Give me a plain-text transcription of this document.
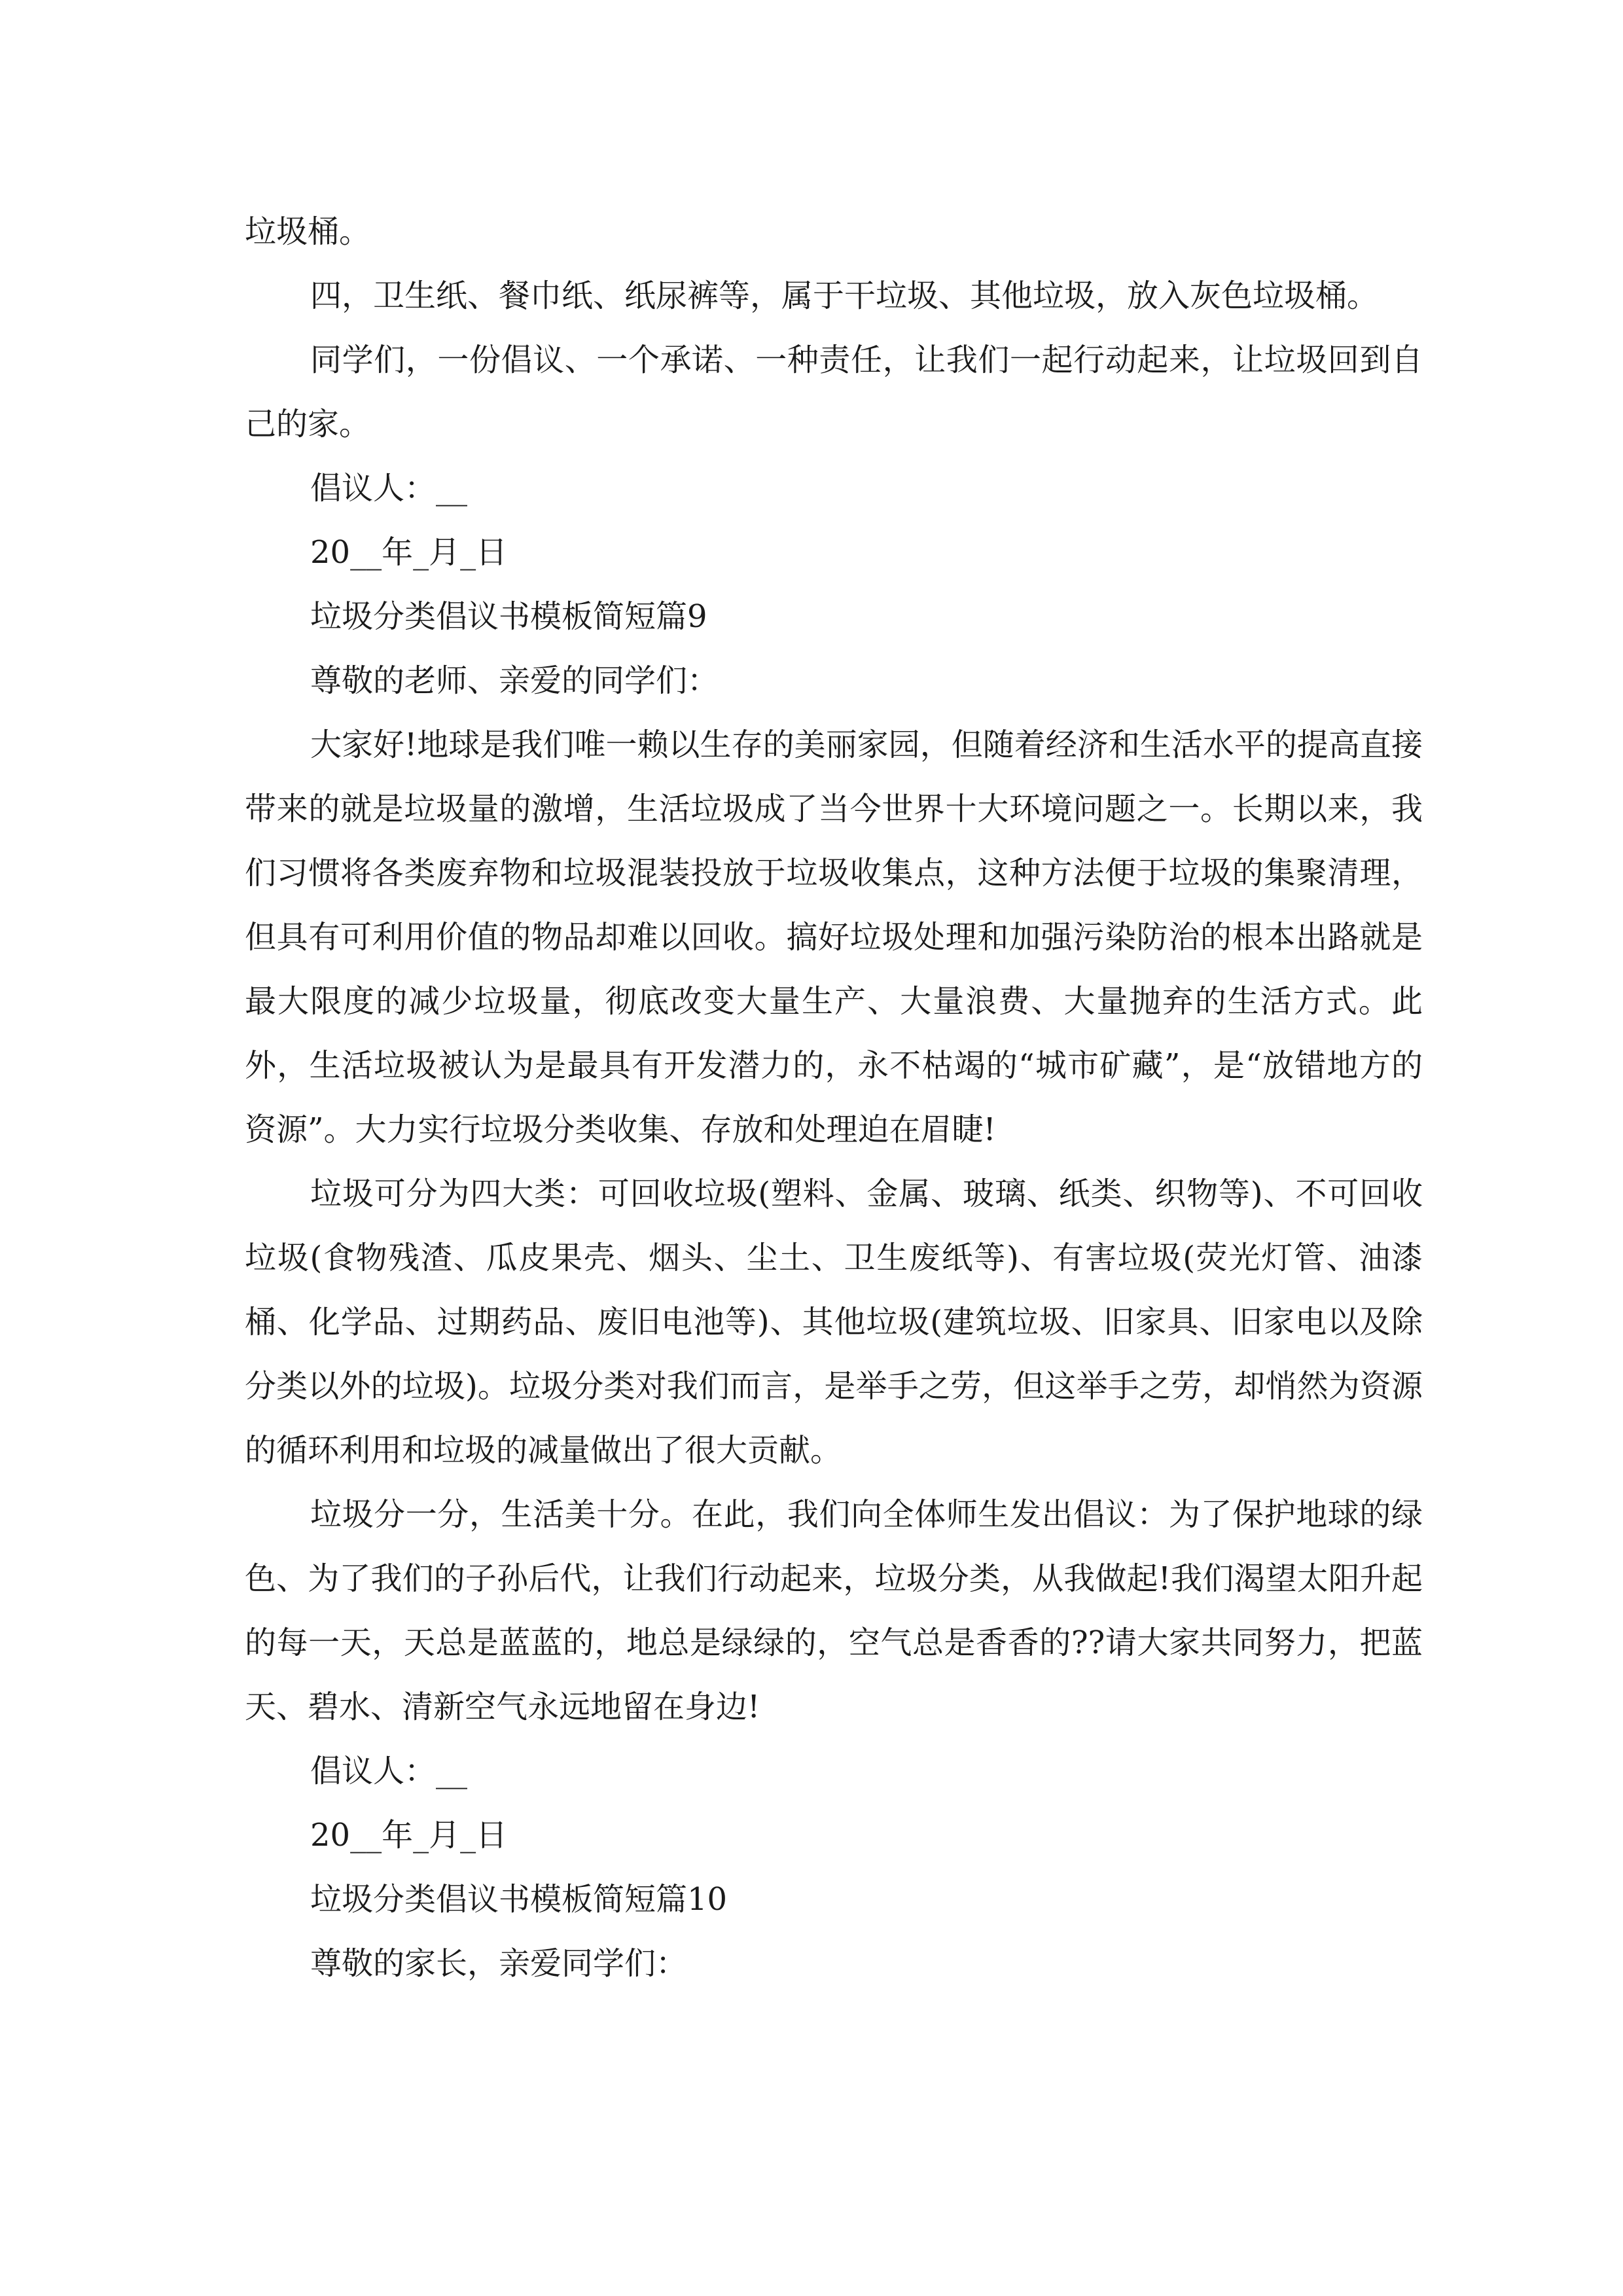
垃圾桶。

四，卫生纸、餐巾纸、纸尿裤等，属于干垃圾、其他垃圾，放入灰色垃圾桶。

同学们，一份倡议、一个承诺、一种责任，让我们一起行动起来，让垃圾回到自己的家。

倡议人：__

20__年_月_日

垃圾分类倡议书模板简短篇9

尊敬的老师、亲爱的同学们：

大家好!地球是我们唯一赖以生存的美丽家园，但随着经济和生活水平的提高直接带来的就是垃圾量的激增，生活垃圾成了当今世界十大环境问题之一。长期以来，我们习惯将各类废弃物和垃圾混装投放于垃圾收集点，这种方法便于垃圾的集聚清理，但具有可利用价值的物品却难以回收。搞好垃圾处理和加强污染防治的根本出路就是最大限度的减少垃圾量，彻底改变大量生产、大量浪费、大量抛弃的生活方式。此外，生活垃圾被认为是最具有开发潜力的，永不枯竭的“城市矿藏”，是“放错地方的资源”。大力实行垃圾分类收集、存放和处理迫在眉睫!

垃圾可分为四大类：可回收垃圾(塑料、金属、玻璃、纸类、织物等)、不可回收垃圾(食物残渣、瓜皮果壳、烟头、尘土、卫生废纸等)、有害垃圾(荧光灯管、油漆桶、化学品、过期药品、废旧电池等)、其他垃圾(建筑垃圾、旧家具、旧家电以及除分类以外的垃圾)。垃圾分类对我们而言，是举手之劳，但这举手之劳，却悄然为资源的循环利用和垃圾的减量做出了很大贡献。

垃圾分一分，生活美十分。在此，我们向全体师生发出倡议：为了保护地球的绿色、为了我们的子孙后代，让我们行动起来，垃圾分类，从我做起!我们渴望太阳升起的每一天，天总是蓝蓝的，地总是绿绿的，空气总是香香的??请大家共同努力，把蓝天、碧水、清新空气永远地留在身边!

倡议人：__

20__年_月_日

垃圾分类倡议书模板简短篇10

尊敬的家长，亲爱同学们：
